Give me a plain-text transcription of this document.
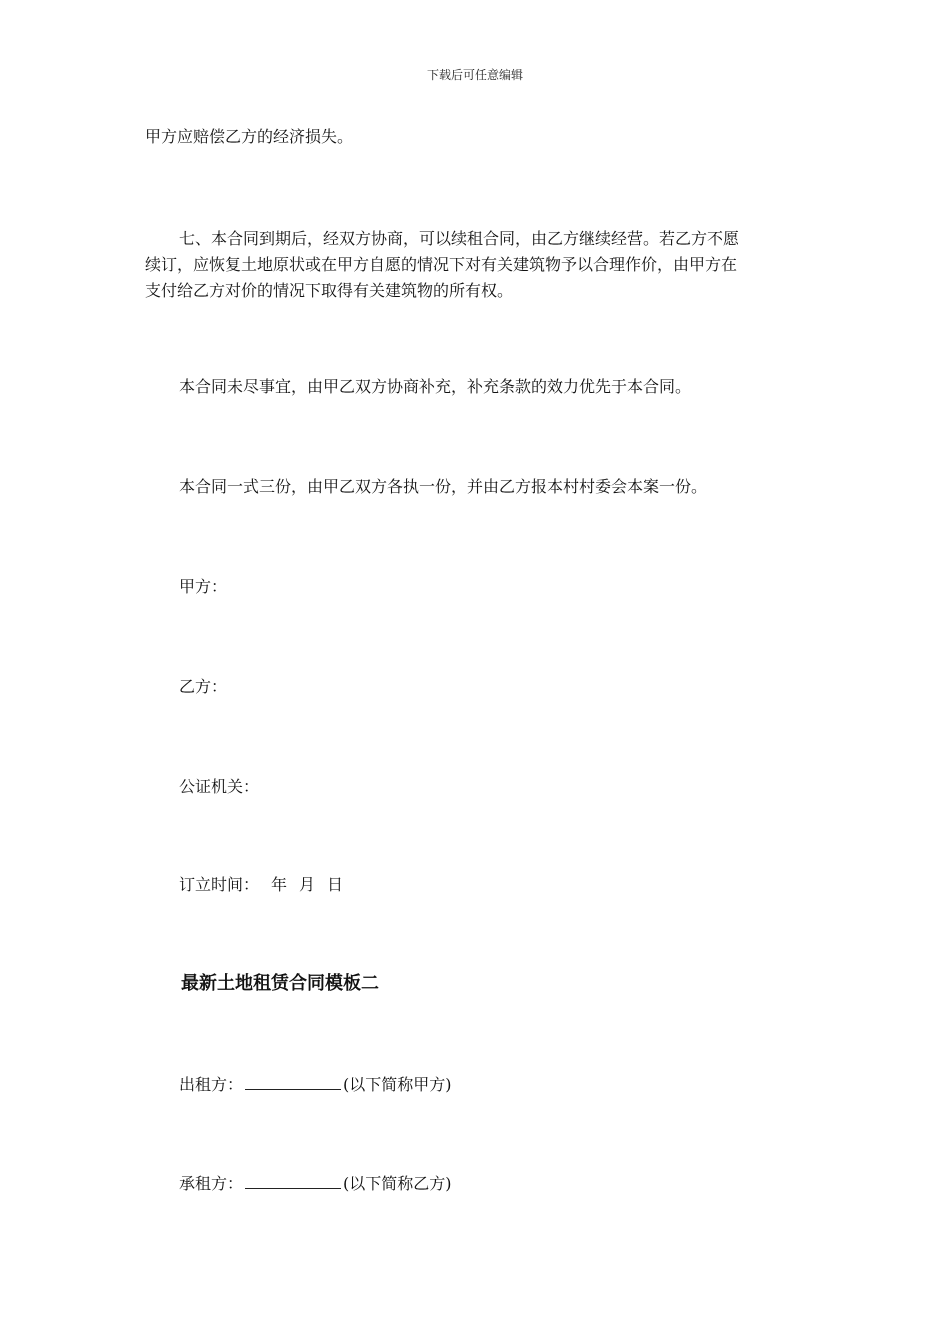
下载后可任意编辑
甲方应赔偿乙方的经济损失。
七、本合同到期后，经双方协商，可以续租合同，由乙方继续经营。若乙方不愿
续订，应恢复土地原状或在甲方自愿的情况下对有关建筑物予以合理作价，由甲方在
支付给乙方对价的情况下取得有关建筑物的所有权。
本合同未尽事宜，由甲乙双方协商补充，补充条款的效力优先于本合同。
本合同一式三份，由甲乙双方各执一份，并由乙方报本村村委会本案一份。
甲方：
乙方：
公证机关：
订立时间： 年 月 日
最新土地租赁合同模板二
出租方：	(以下简称甲方)
承租方：	(以下简称乙方)
